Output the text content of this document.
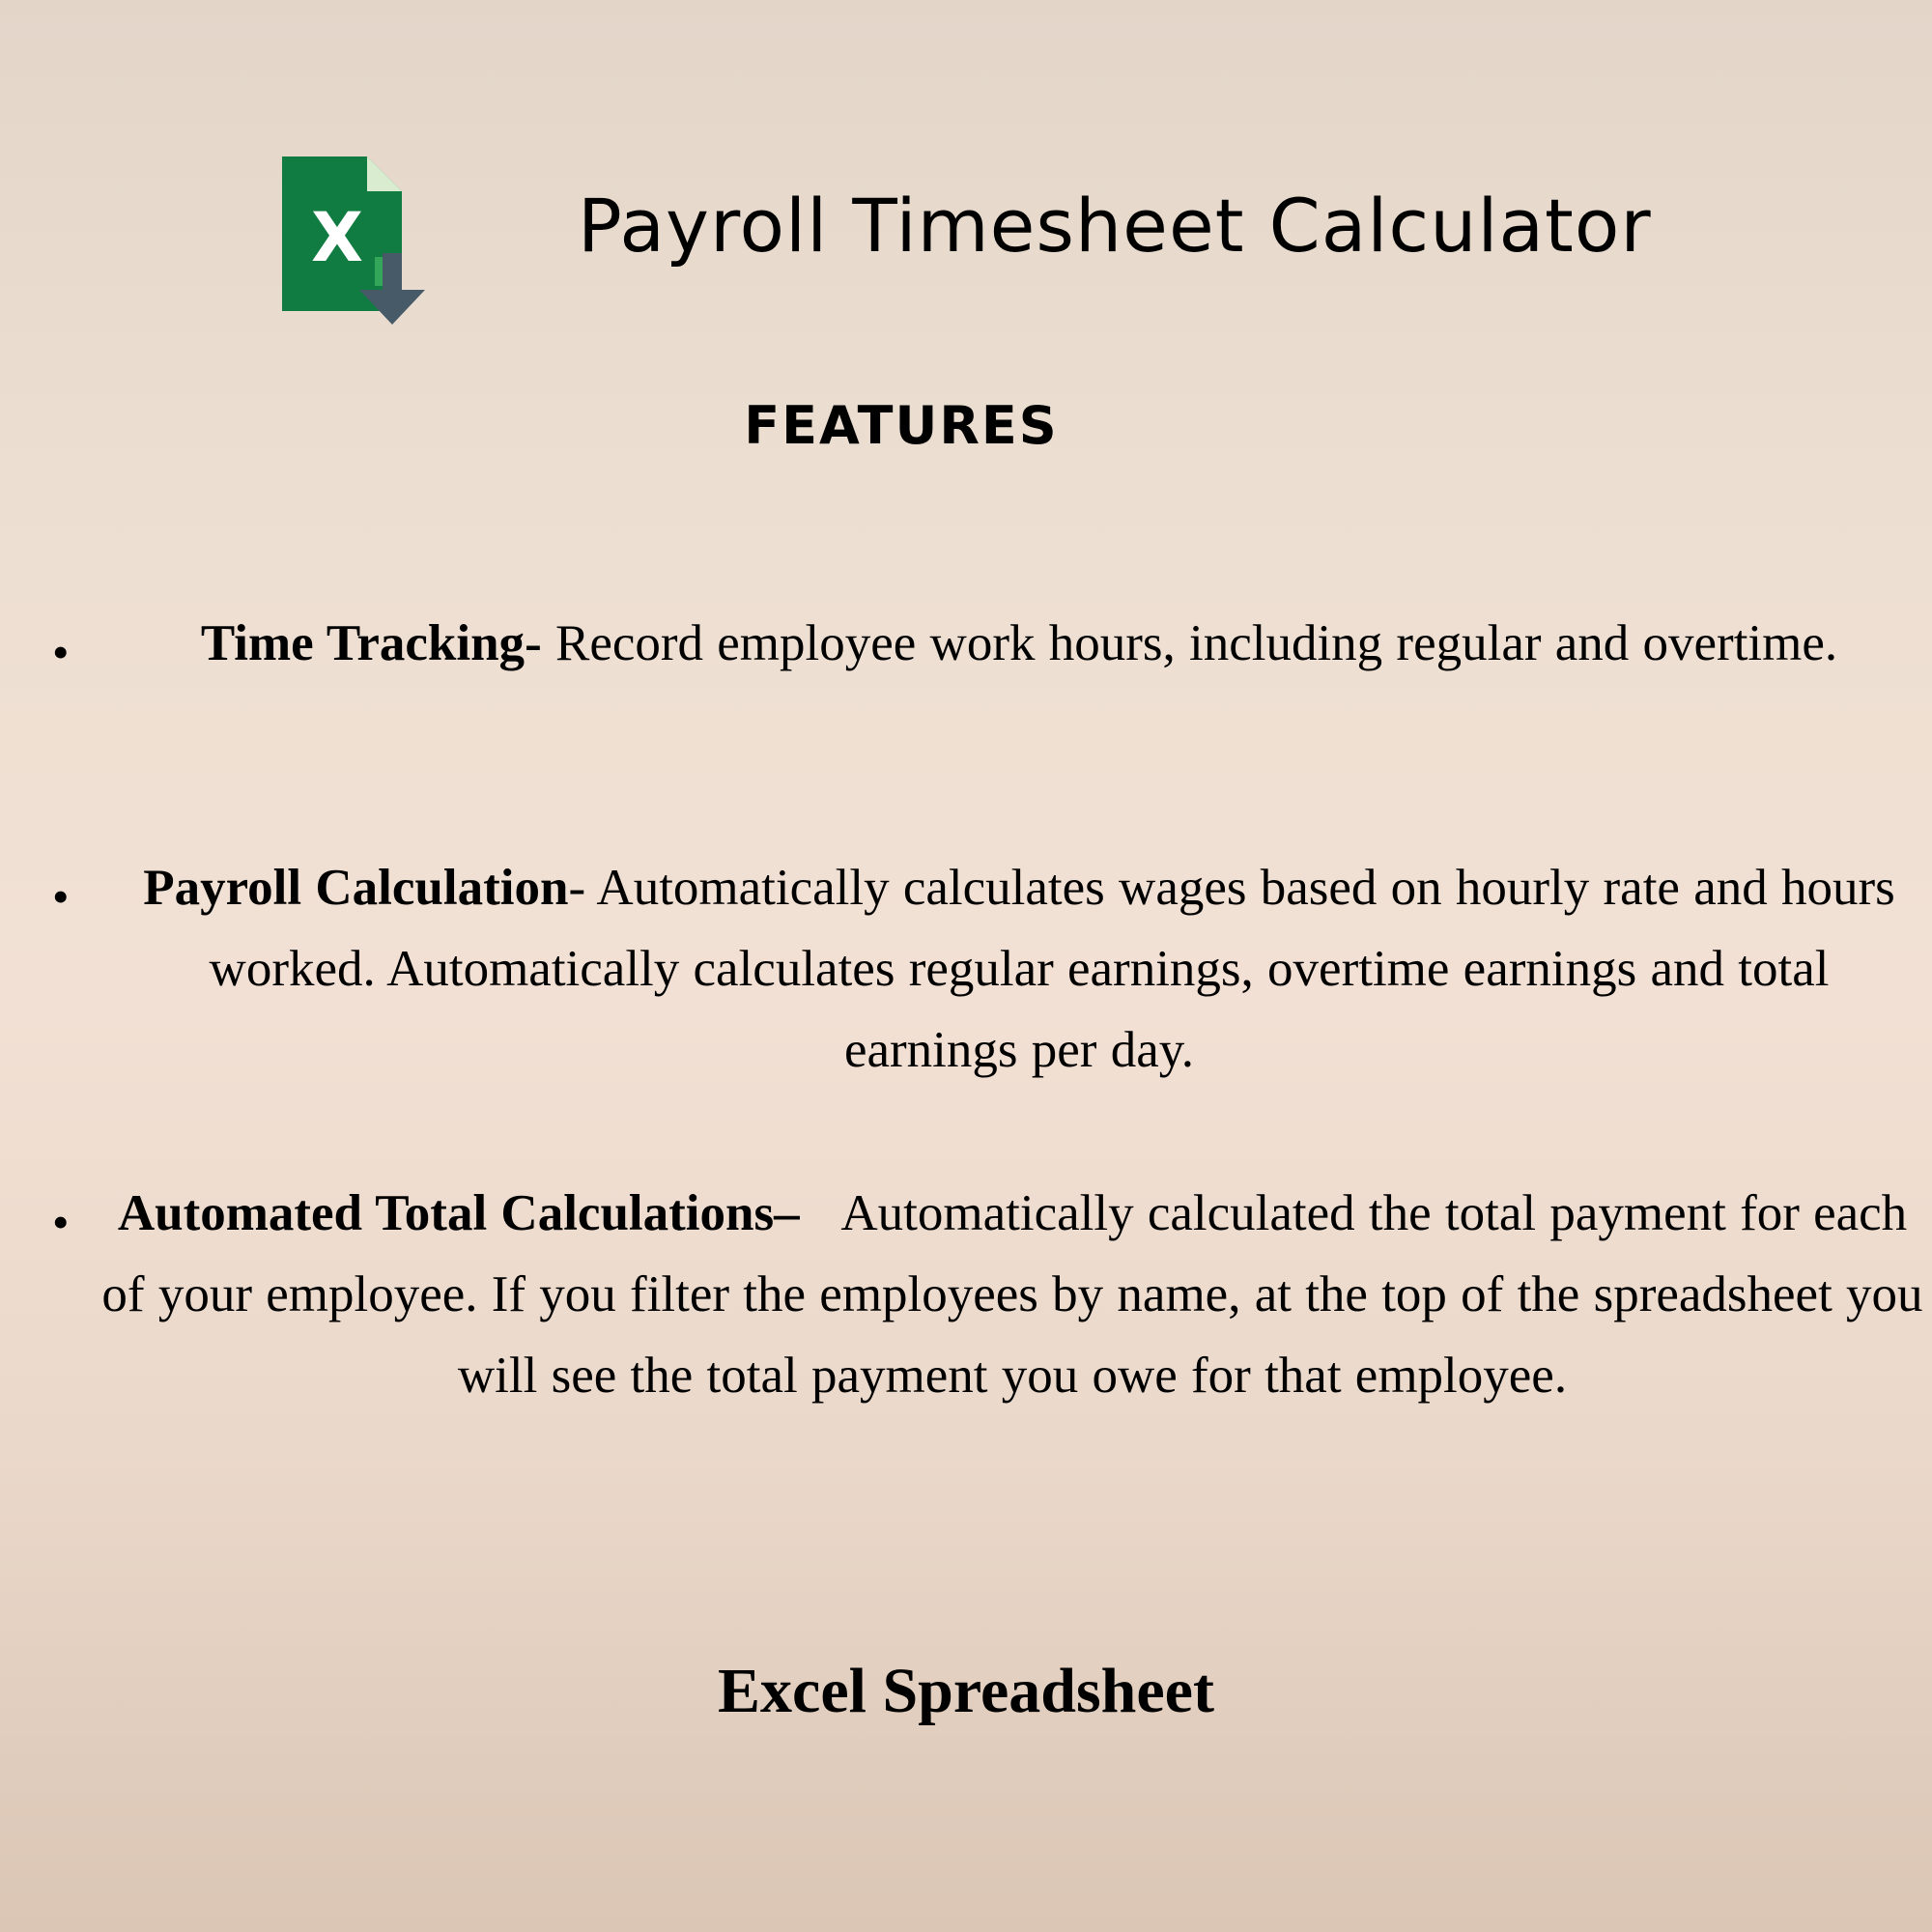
X	Payroll Timesheet Calculator
FEATURES
•	Time Tracking- Record employee work hours, including regular and overtime.

•	Payroll Calculation- Automatically calculates wages based on hourly rate and hours worked. Automatically calculates regular earnings, overtime earnings and total earnings per day.

• Automated Total Calculations–   Automatically calculated the total payment for each of your employee. If you filter the employees by name, at the top of the spreadsheet you will see the total payment you owe for that employee.

Excel Spreadsheet
